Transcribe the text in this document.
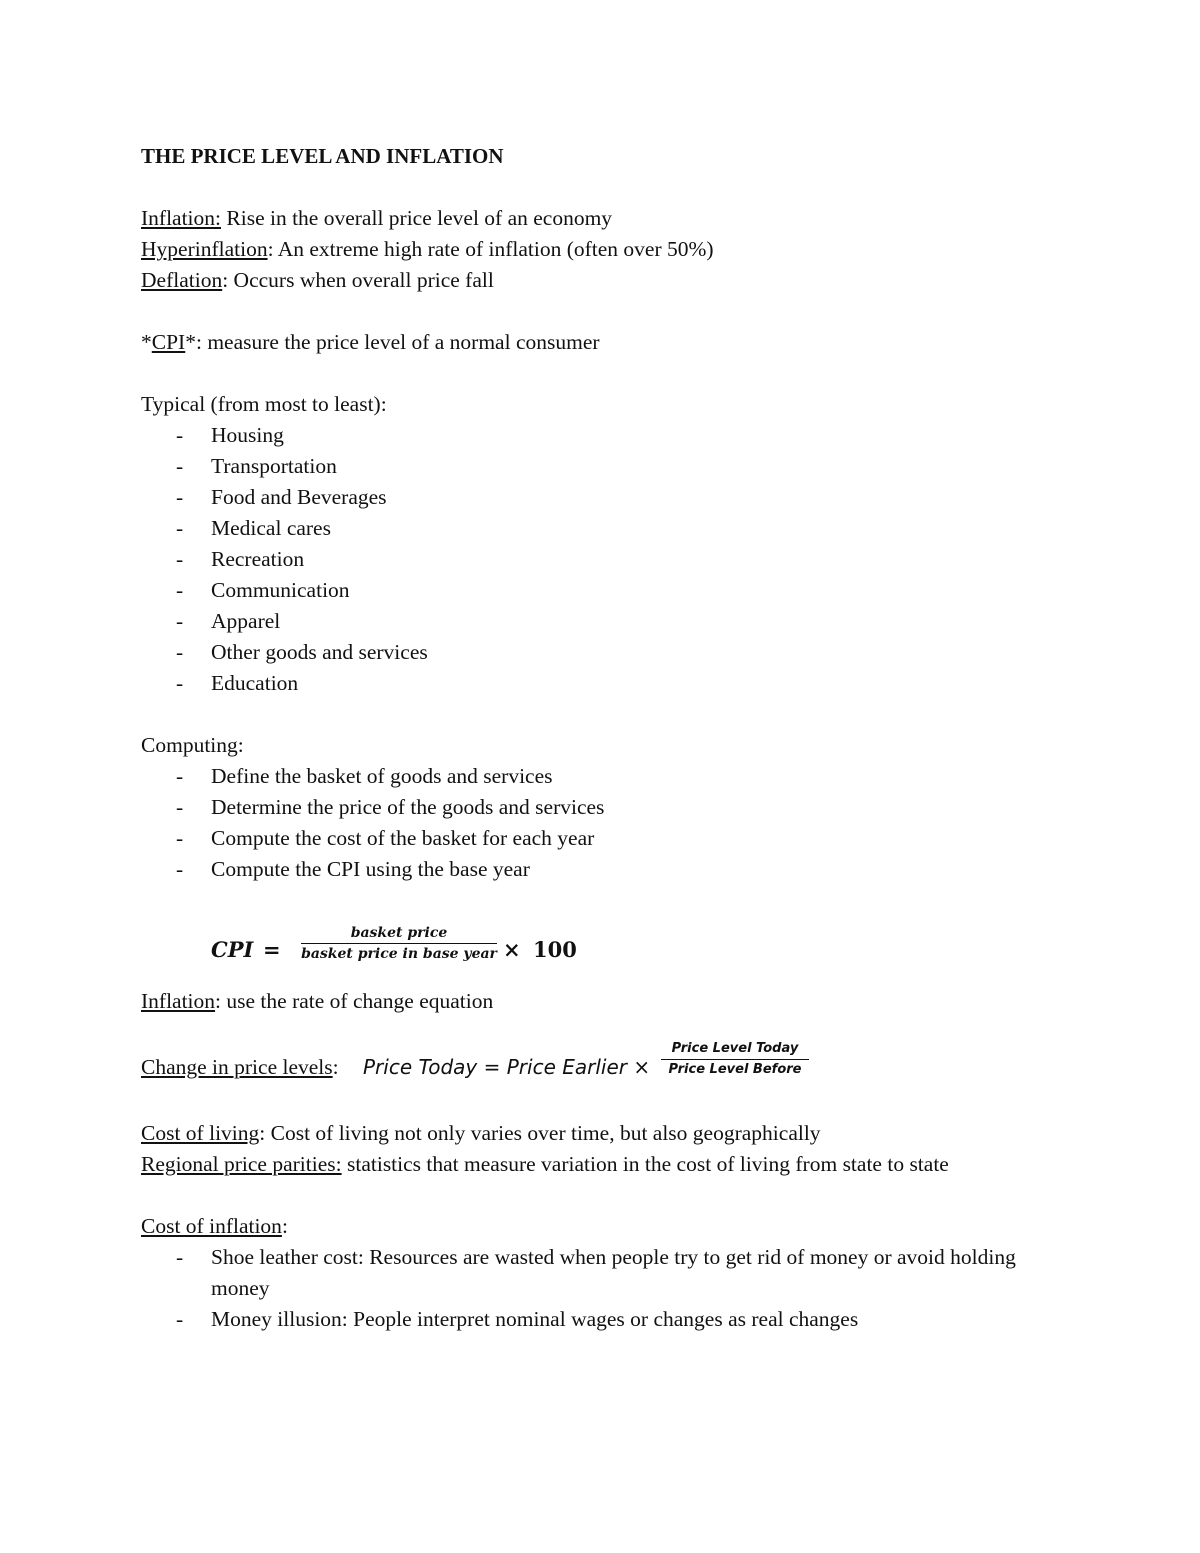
THE PRICE LEVEL AND INFLATION

Inflation: Rise in the overall price level of an economy

Hyperinflation: An extreme high rate of inflation (often over 50%)

Deflation: Occurs when overall price fall

*CPI*: measure the price level of a normal consumer

Typical (from most to least):

- Housing
- Transportation
- Food and Beverages
- Medical cares
- Recreation
- Communication
- Apparel
- Other goods and services
- Education

Computing:

- Define the basket of goods and services
- Determine the price of the goods and services
- Compute the cost of the basket for each year
- Compute the CPI using the base year
CPI =
basket price
basket price in base year × 100

Inflation: use the rate of change equation

Change in price levels: Price Today = Price Earlier ×
Price Level Today
Price Level Before

Cost of living: Cost of living not only varies over time, but also geographically

Regional price parities: statistics that measure variation in the cost of living from state to state

Cost of inflation:

- Shoe leather cost: Resources are wasted when people try to get rid of money or avoid holding money
- Money illusion: People interpret nominal wages or changes as real changes
